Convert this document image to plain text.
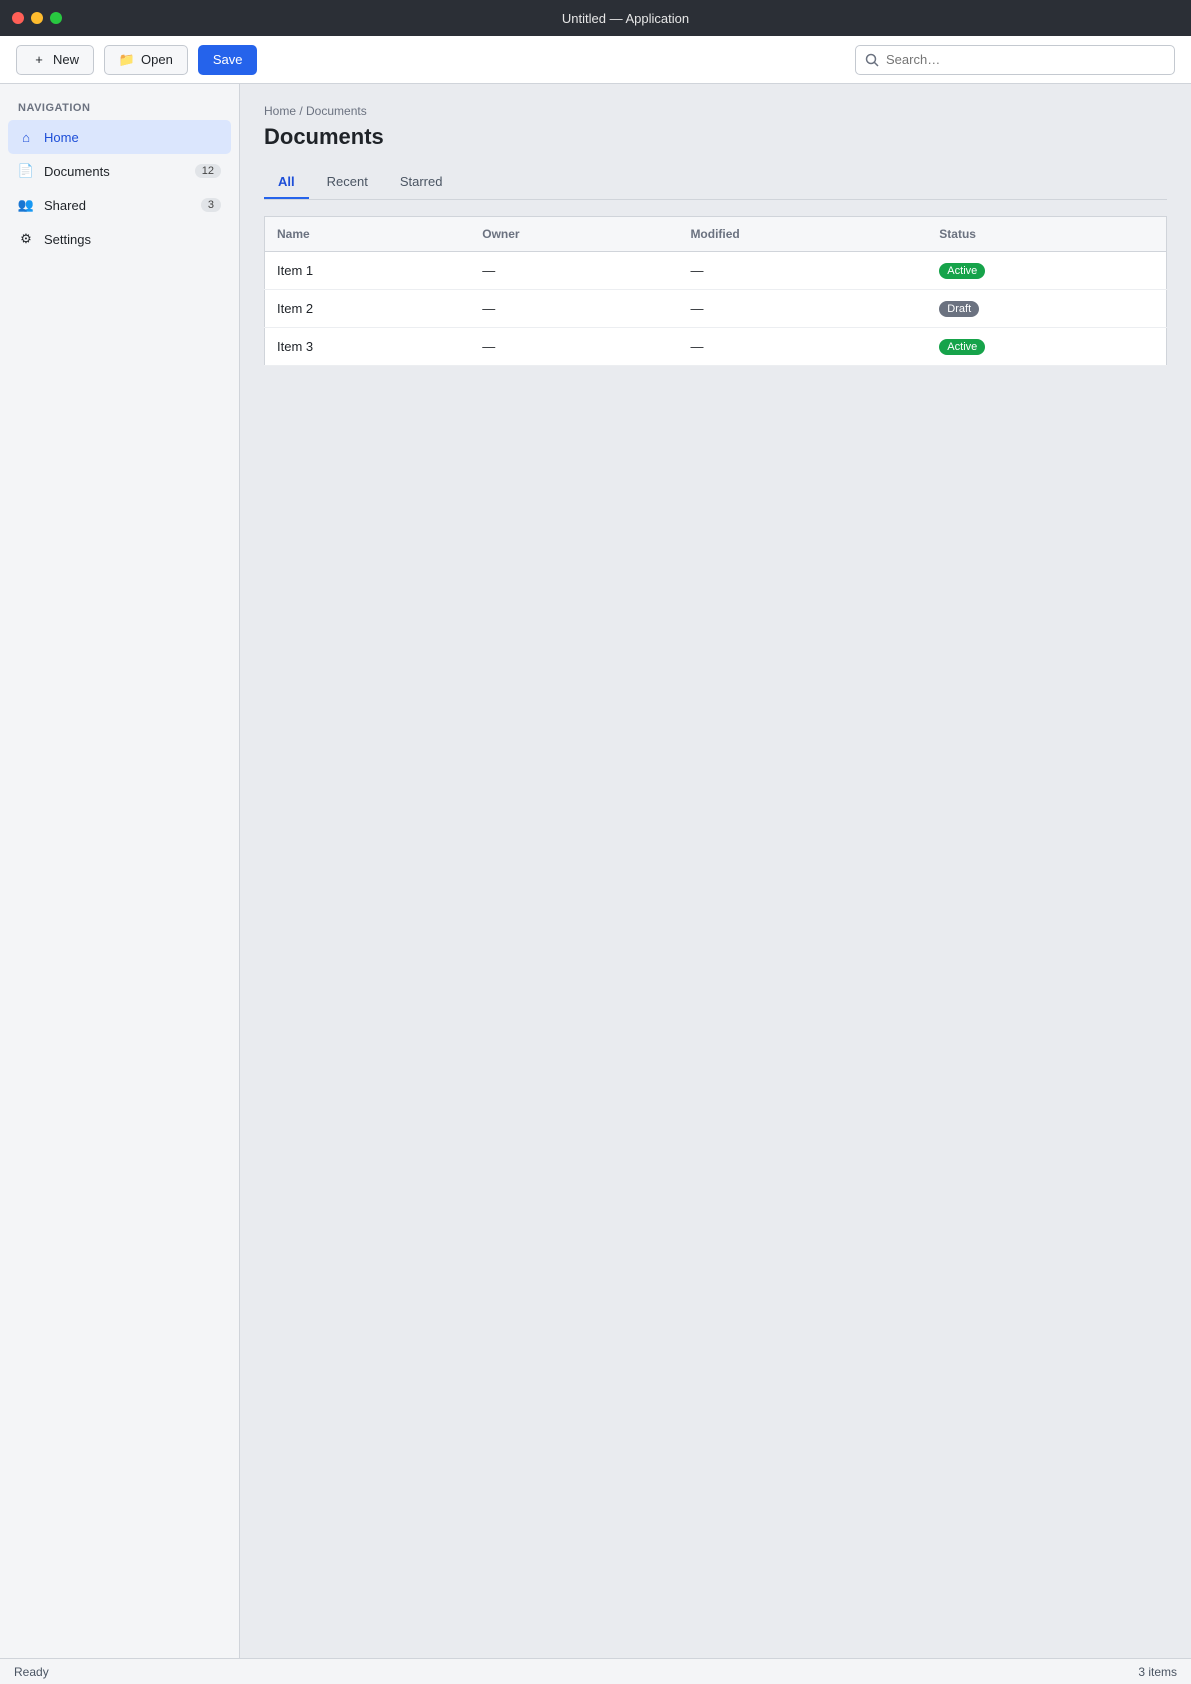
Untitled — Application
+ New	📁 Open	Save
Search…
NAVIGATION
⌂	Home
📄 Documents	12
👥 Shared	3
⚙ Settings
Home / Documents
Documents
All	Recent	Starred
Name	Owner	Modified	Status
Item 1	—	—	Active
Item 2	—	—	Draft
Item 3	—	—	Active
Ready	3 items
